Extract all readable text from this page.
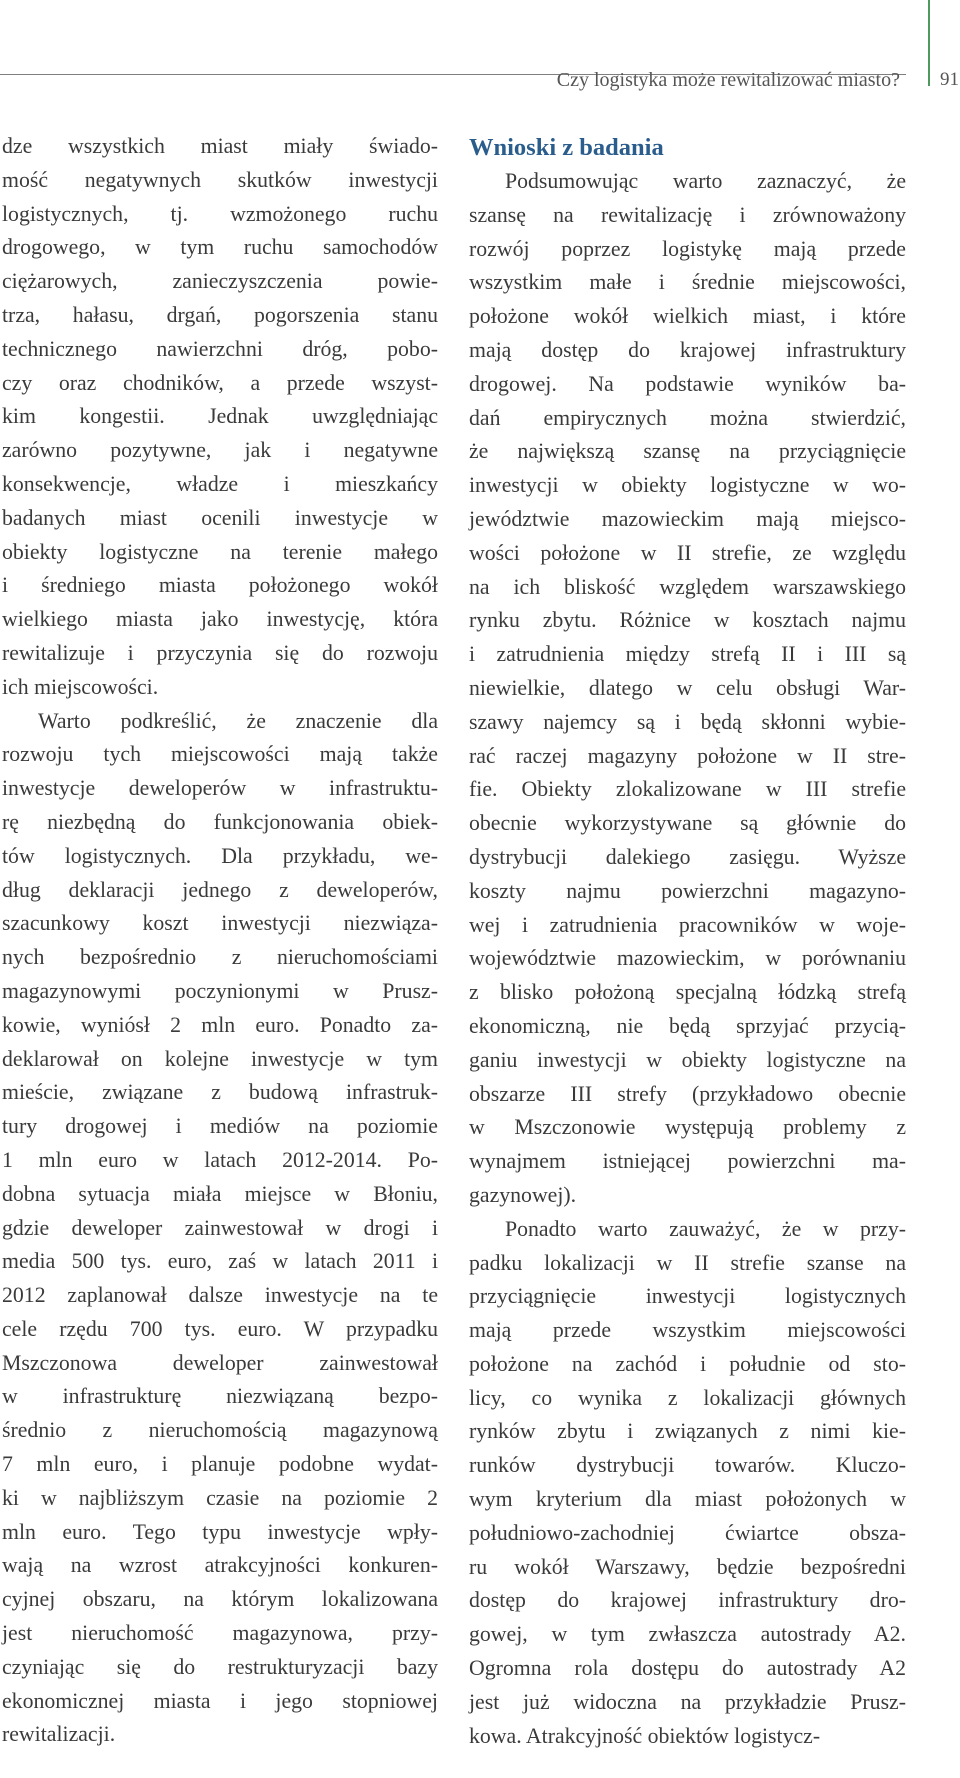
Czy logistyka może rewitalizować miasto? 91
dze wszystkich miast miały świado-
mość negatywnych skutków inwestycji
logistycznych, tj. wzmożonego ruchu
drogowego, w tym ruchu samochodów
ciężarowych, zanieczyszczenia powie-
trza, hałasu, drgań, pogorszenia stanu
technicznego nawierzchni dróg, pobo-
czy oraz chodników, a przede wszyst-
kim kongestii. Jednak uwzględniając
zarówno pozytywne, jak i negatywne
konsekwencje, władze i mieszkańcy
badanych miast ocenili inwestycje w
obiekty logistyczne na terenie małego
i średniego miasta położonego wokół
wielkiego miasta jako inwestycję, która
rewitalizuje i przyczynia się do rozwoju
ich miejscowości.
Warto podkreślić, że znaczenie dla
rozwoju tych miejscowości mają także
inwestycje deweloperów w infrastruktu-
rę niezbędną do funkcjonowania obiek-
tów logistycznych. Dla przykładu, we-
dług deklaracji jednego z deweloperów,
szacunkowy koszt inwestycji niezwiąza-
nych bezpośrednio z nieruchomościami
magazynowymi poczynionymi w Prusz-
kowie, wyniósł 2 mln euro. Ponadto za-
deklarował on kolejne inwestycje w tym
mieście, związane z budową infrastruk-
tury drogowej i mediów na poziomie
1 mln euro w latach 2012-2014. Po-
dobna sytuacja miała miejsce w Błoniu,
gdzie deweloper zainwestował w drogi i
media 500 tys. euro, zaś w latach 2011 i
2012 zaplanował dalsze inwestycje na te
cele rzędu 700 tys. euro. W przypadku
Mszczonowa deweloper zainwestował
w infrastrukturę niezwiązaną bezpo-
średnio z nieruchomością magazynową
7 mln euro, i planuje podobne wydat-
ki w najbliższym czasie na poziomie 2
mln euro. Tego typu inwestycje wpły-
wają na wzrost atrakcyjności konkuren-
cyjnej obszaru, na którym lokalizowana
jest nieruchomość magazynowa, przy-
czyniając się do restrukturyzacji bazy
ekonomicznej miasta i jego stopniowej
rewitalizacji.
Wnioski z badania
Podsumowując warto zaznaczyć, że
szansę na rewitalizację i zrównoważony
rozwój poprzez logistykę mają przede
wszystkim małe i średnie miejscowości,
położone wokół wielkich miast, i które
mają dostęp do krajowej infrastruktury
drogowej. Na podstawie wyników ba-
dań empirycznych można stwierdzić,
że największą szansę na przyciągnięcie
inwestycji w obiekty logistyczne w wo-
jewództwie mazowieckim mają miejsco-
wości położone w II strefie, ze względu
na ich bliskość względem warszawskiego
rynku zbytu. Różnice w kosztach najmu
i zatrudnienia między strefą II i III są
niewielkie, dlatego w celu obsługi War-
szawy najemcy są i będą skłonni wybie-
rać raczej magazyny położone w II stre-
fie. Obiekty zlokalizowane w III strefie
obecnie wykorzystywane są głównie do
dystrybucji dalekiego zasięgu. Wyższe
koszty najmu powierzchni magazyno-
wej i zatrudnienia pracowników w woje-
województwie mazowieckim, w porównaniu
z blisko położoną specjalną łódzką strefą
ekonomiczną, nie będą sprzyjać przycią-
ganiu inwestycji w obiekty logistyczne na
obszarze III strefy (przykładowo obecnie
w Mszczonowie występują problemy z
wynajmem istniejącej powierzchni ma-
gazynowej).
Ponadto warto zauważyć, że w przy-
padku lokalizacji w II strefie szanse na
przyciągnięcie inwestycji logistycznych
mają przede wszystkim miejscowości
położone na zachód i południe od sto-
licy, co wynika z lokalizacji głównych
rynków zbytu i związanych z nimi kie-
runków dystrybucji towarów. Kluczo-
wym kryterium dla miast położonych w
południowo-zachodniej ćwiartce obsza-
ru wokół Warszawy, będzie bezpośredni
dostęp do krajowej infrastruktury dro-
gowej, w tym zwłaszcza autostrady A2.
Ogromna rola dostępu do autostrady A2
jest już widoczna na przykładzie Prusz-
kowa. Atrakcyjność obiektów logistycz-
